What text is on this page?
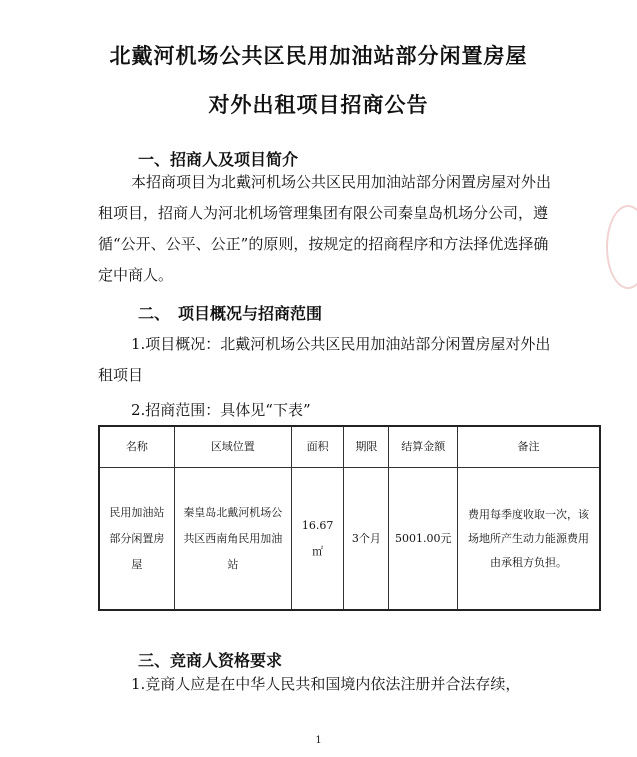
北戴河机场公共区民用加油站部分闲置房屋
对外出租项目招商公告
一、招商人及项目简介
本招商项目为北戴河机场公共区民用加油站部分闲置房屋对外出租项目，招商人为河北机场管理集团有限公司秦皇岛机场分公司，遵循“公开、公平、公正”的原则，按规定的招商程序和方法择优选择确定中商人。
二、　项目概况与招商范围
1.项目概况：北戴河机场公共区民用加油站部分闲置房屋对外出租项目
2.招商范围：具体见“下表”
名称	区域位置	面积	期限	结算金额	备注
民用加油站部分闲置房屋	秦皇岛北戴河机场公共区西南角民用加油站	16.67㎡	3个月	5001.00元	费用每季度收取一次，该场地所产生动力能源费用由承租方负担。
三、竞商人资格要求
1.竞商人应是在中华人民共和国境内依法注册并合法存续，
1
